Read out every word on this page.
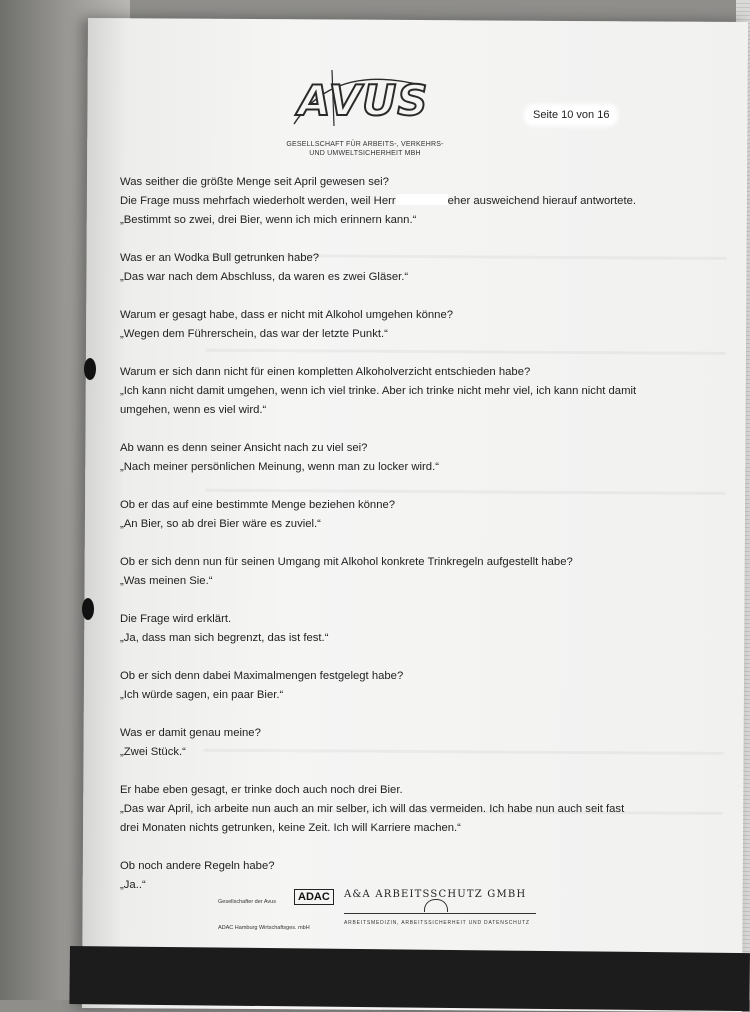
AVUS
GESELLSCHAFT FÜR ARBEITS-, VERKEHRS-
UND UMWELTSICHERHEIT MBH
Seite 10 von 16

Was seither die größte Menge seit April gewesen sei?

Die Frage muss mehrfach wiederholt werden, weil Herr	eher ausweichend hierauf antwortete.

„Bestimmt so zwei, drei Bier, wenn ich mich erinnern kann.“

Was er an Wodka Bull getrunken habe?

„Das war nach dem Abschluss, da waren es zwei Gläser.“

Warum er gesagt habe, dass er nicht mit Alkohol umgehen könne?

„Wegen dem Führerschein, das war der letzte Punkt.“

Warum er sich dann nicht für einen kompletten Alkoholverzicht entschieden habe?

„Ich kann nicht damit umgehen, wenn ich viel trinke. Aber ich trinke nicht mehr viel, ich kann nicht damit

umgehen, wenn es viel wird.“

Ab wann es denn seiner Ansicht nach zu viel sei?

„Nach meiner persönlichen Meinung, wenn man zu locker wird.“

Ob er das auf eine bestimmte Menge beziehen könne?

„An Bier, so ab drei Bier wäre es zuviel.“

Ob er sich denn nun für seinen Umgang mit Alkohol konkrete Trinkregeln aufgestellt habe?

„Was meinen Sie.“

Die Frage wird erklärt.

„Ja, dass man sich begrenzt, das ist fest.“

Ob er sich denn dabei Maximalmengen festgelegt habe?

„Ich würde sagen, ein paar Bier.“

Was er damit genau meine?

„Zwei Stück.“

Er habe eben gesagt, er trinke doch auch noch drei Bier.

„Das war April, ich arbeite nun auch an mir selber, ich will das vermeiden. Ich habe nun auch seit fast

drei Monaten nichts getrunken, keine Zeit. Ich will Karriere machen.“

Ob noch andere Regeln habe?

„Ja..“

Gesellschafter der Avus	ADAC
ADAC Hamburg Wirtschaftsges. mbH
A&A ARBEITSSCHUTZ GMBH
ARBEITSMEDIZIN, ARBEITSSICHERHEIT UND DATENSCHUTZ
